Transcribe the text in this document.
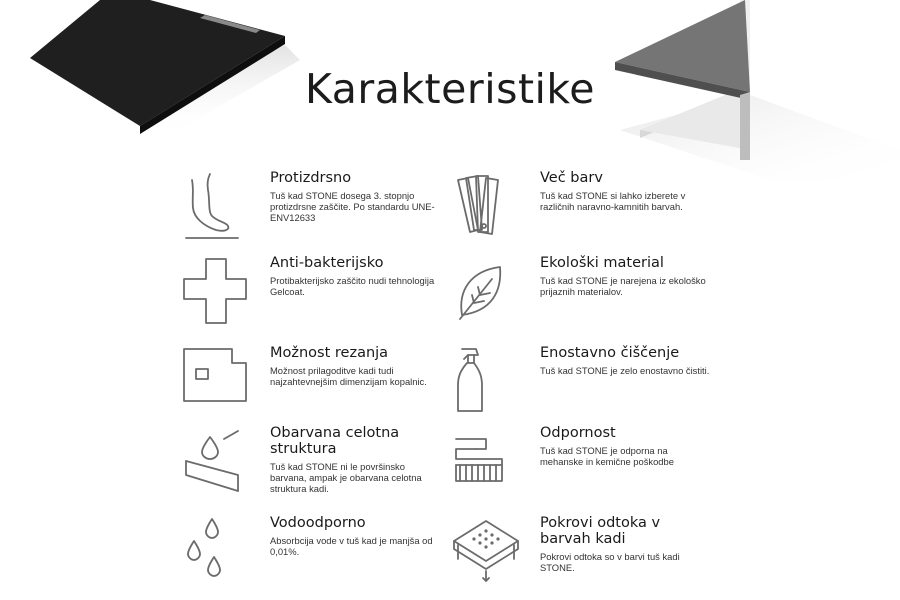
Karakteristike
Protizdrsno

Tuš kad STONE dosega 3. stopnjo protizdrsne zaščite. Po standardu UNE-ENV12633

Anti-bakterijsko

Protibakterijsko zaščito nudi tehnologija Gelcoat.

Možnost rezanja

Možnost prilagoditve kadi tudi najzahtevnejšim dimenzijam kopalnic.

Obarvana celotna struktura

Tuš kad STONE ni le površinsko barvana, ampak je obarvana celotna struktura kadi.

Vodoodporno

Absorbcija vode v tuš kad je manjša od 0,01%.

Več barv

Tuš kad STONE si lahko izberete v različnih naravno-kamnitih barvah.

Ekološki material

Tuš kad STONE je narejena iz ekološko prijaznih materialov.

Enostavno čiščenje

Tuš kad STONE je zelo enostavno čistiti.

Odpornost

Tuš kad STONE je odporna na mehanske in kemične poškodbe

Pokrovi odtoka v barvah kadi

Pokrovi odtoka so v barvi tuš kadi STONE.
